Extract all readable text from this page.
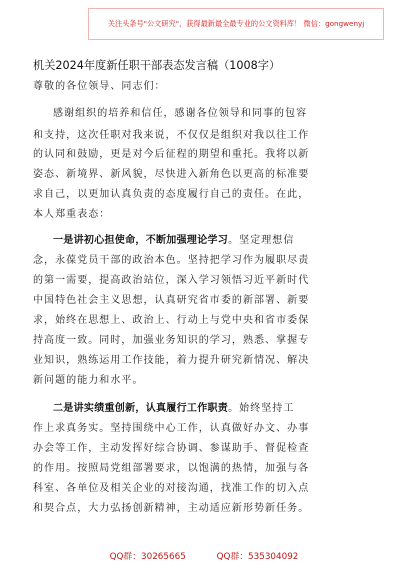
关注头条号"公文研究"，获得最新最全最专业的公文资料库！ 微信：gongwenyj
机关2024年度新任职干部表态发言稿（1008字）
尊敬的各位领导、同志们：
感谢组织的培养和信任，感谢各位领导和同事的包容
和支持，这次任职对我来说，不仅仅是组织对我以往工作
的认同和鼓励，更是对今后征程的期望和重托。我将以新
姿态、新境界、新风貌，尽快进入新角色以更高的标准要
求自己，以更加认真负责的态度履行自己的责任。在此，
本人郑重表态：
一是讲初心担使命，不断加强理论学习。坚定理想信
念，永葆党员干部的政治本色。坚持把学习作为履职尽责
的第一需要，提高政治站位，深入学习领悟习近平新时代
中国特色社会主义思想，认真研究省市委的新部署、新要
求，始终在思想上、政治上、行动上与党中央和省市委保
持高度一致。同时，加强业务知识的学习，熟悉、掌握专
业知识，熟练运用工作技能，着力提升研究新情况、解决
新问题的能力和水平。
二是讲实绩重创新，认真履行工作职责。始终坚持工
作上求真务实。坚持围绕中心工作，认真做好办文、办事
办会等工作，主动发挥好综合协调、参谋助手、督促检查
的作用。按照局党组部署要求，以饱满的热情，加强与各
科室、各单位及相关企业的对接沟通，找准工作的切入点
和契合点，大力弘扬创新精神，主动适应新形势新任务。
QQ群：30265665	QQ群：535304092
